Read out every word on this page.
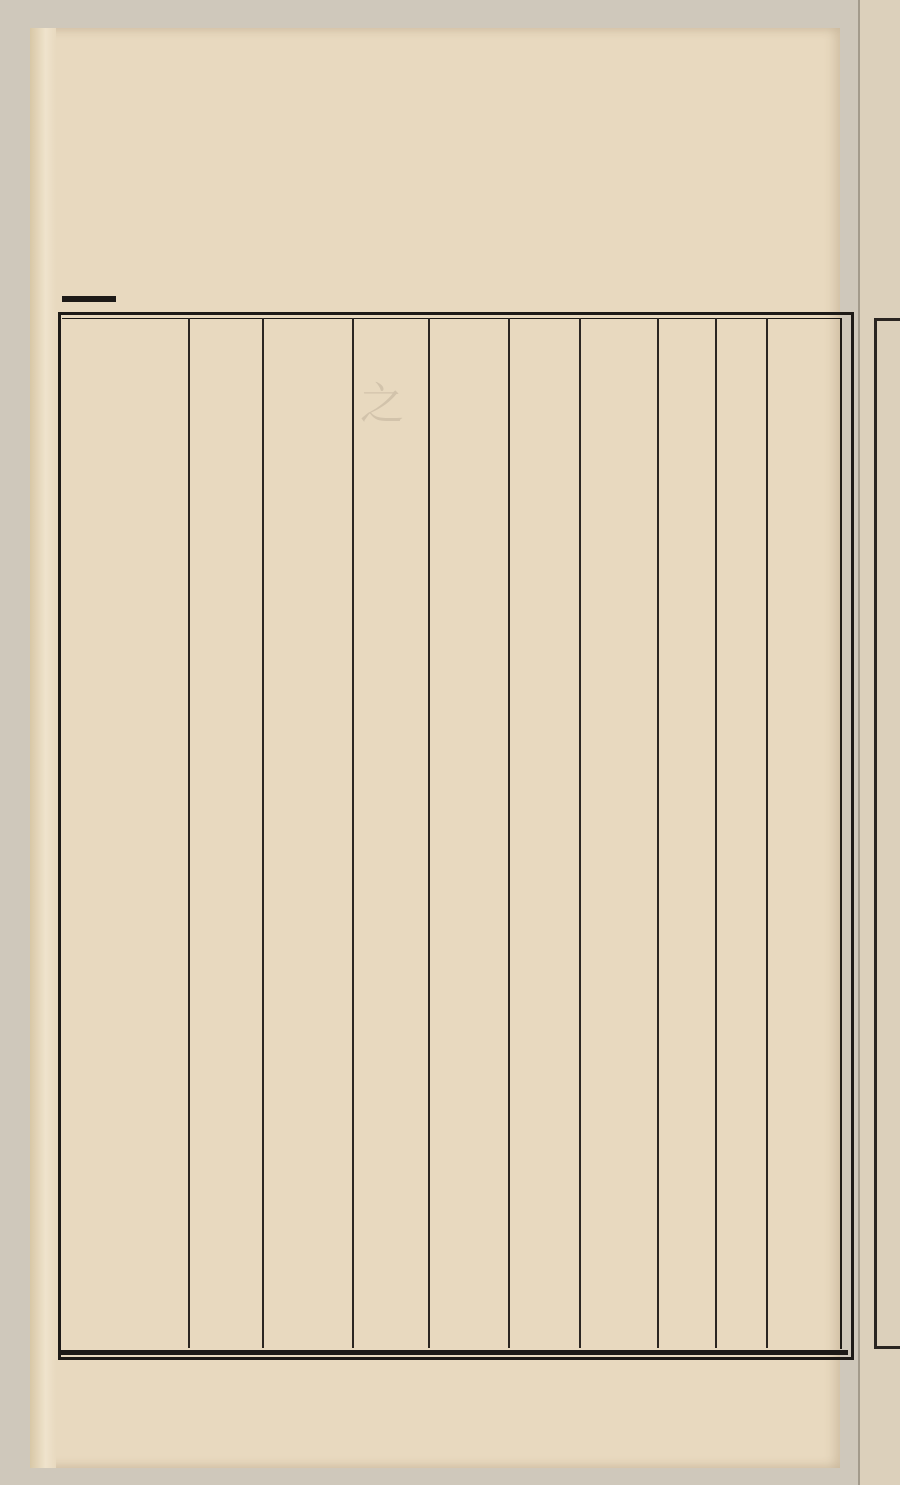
之
